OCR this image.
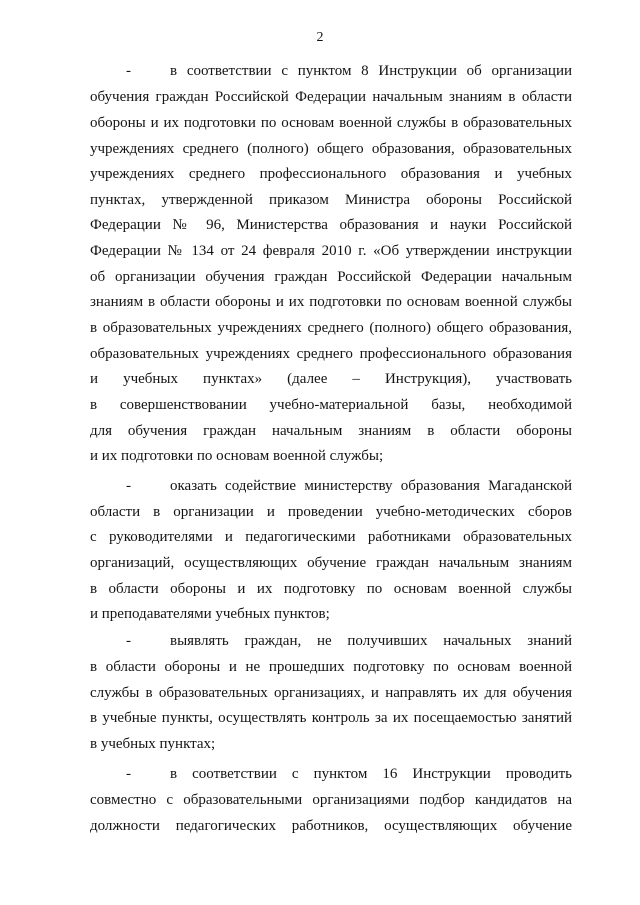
2
-	в соответствии с пунктом 8 Инструкции об организации
обучения граждан Российской Федерации начальным знаниям в области
обороны и их подготовки по основам военной службы в образовательных
учреждениях среднего (полного) общего образования, образовательных
учреждениях среднего профессионального образования и учебных
пунктах, утвержденной приказом Министра обороны Российской
Федерации № 96, Министерства образования и науки Российской
Федерации № 134 от 24 февраля 2010 г. «Об утверждении инструкции
об организации обучения граждан Российской Федерации начальным
знаниям в области обороны и их подготовки по основам военной службы
в образовательных учреждениях среднего (полного) общего образования,
образовательных учреждениях среднего профессионального образования
и учебных пунктах» (далее – Инструкция), участвовать
в совершенствовании учебно-материальной базы, необходимой
для обучения граждан начальным знаниям в области обороны
и их подготовки по основам военной службы;
-	оказать содействие министерству образования Магаданской
области в организации и проведении учебно-методических сборов
с руководителями и педагогическими работниками образовательных
организаций, осуществляющих обучение граждан начальным знаниям
в области обороны и их подготовку по основам военной службы
и преподавателями учебных пунктов;
-	выявлять граждан, не получивших начальных знаний
в области обороны и не прошедших подготовку по основам военной
службы в образовательных организациях, и направлять их для обучения
в учебные пункты, осуществлять контроль за их посещаемостью занятий
в учебных пунктах;
-	в соответствии с пунктом 16 Инструкции проводить
совместно с образовательными организациями подбор кандидатов на
должности педагогических работников, осуществляющих обучение
